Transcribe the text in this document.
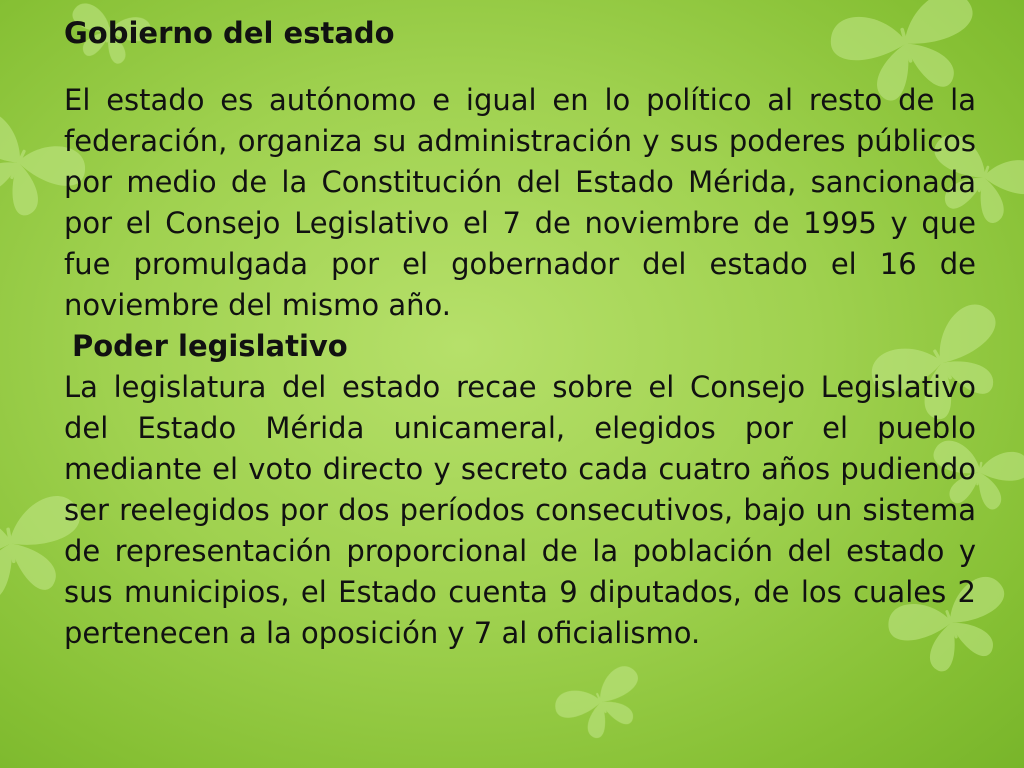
Gobierno del estado

El estado es autónomo e igual en lo político al resto de la federación, organiza su administración y sus poderes públicos por medio de la Constitución del Estado Mérida, sancionada por el Consejo Legislativo el 7 de noviembre de 1995 y que fue promulgada por el gobernador del estado el 16 de noviembre del mismo año.

Poder legislativo

La legislatura del estado recae sobre el Consejo Legislativo del Estado Mérida unicameral, elegidos por el pueblo mediante el voto directo y secreto cada cuatro años pudiendo ser reelegidos por dos períodos consecutivos, bajo un sistema de representación proporcional de la población del estado y sus municipios, el Estado cuenta 9 diputados, de los cuales 2 pertenecen a la oposición y 7 al oficialismo.
